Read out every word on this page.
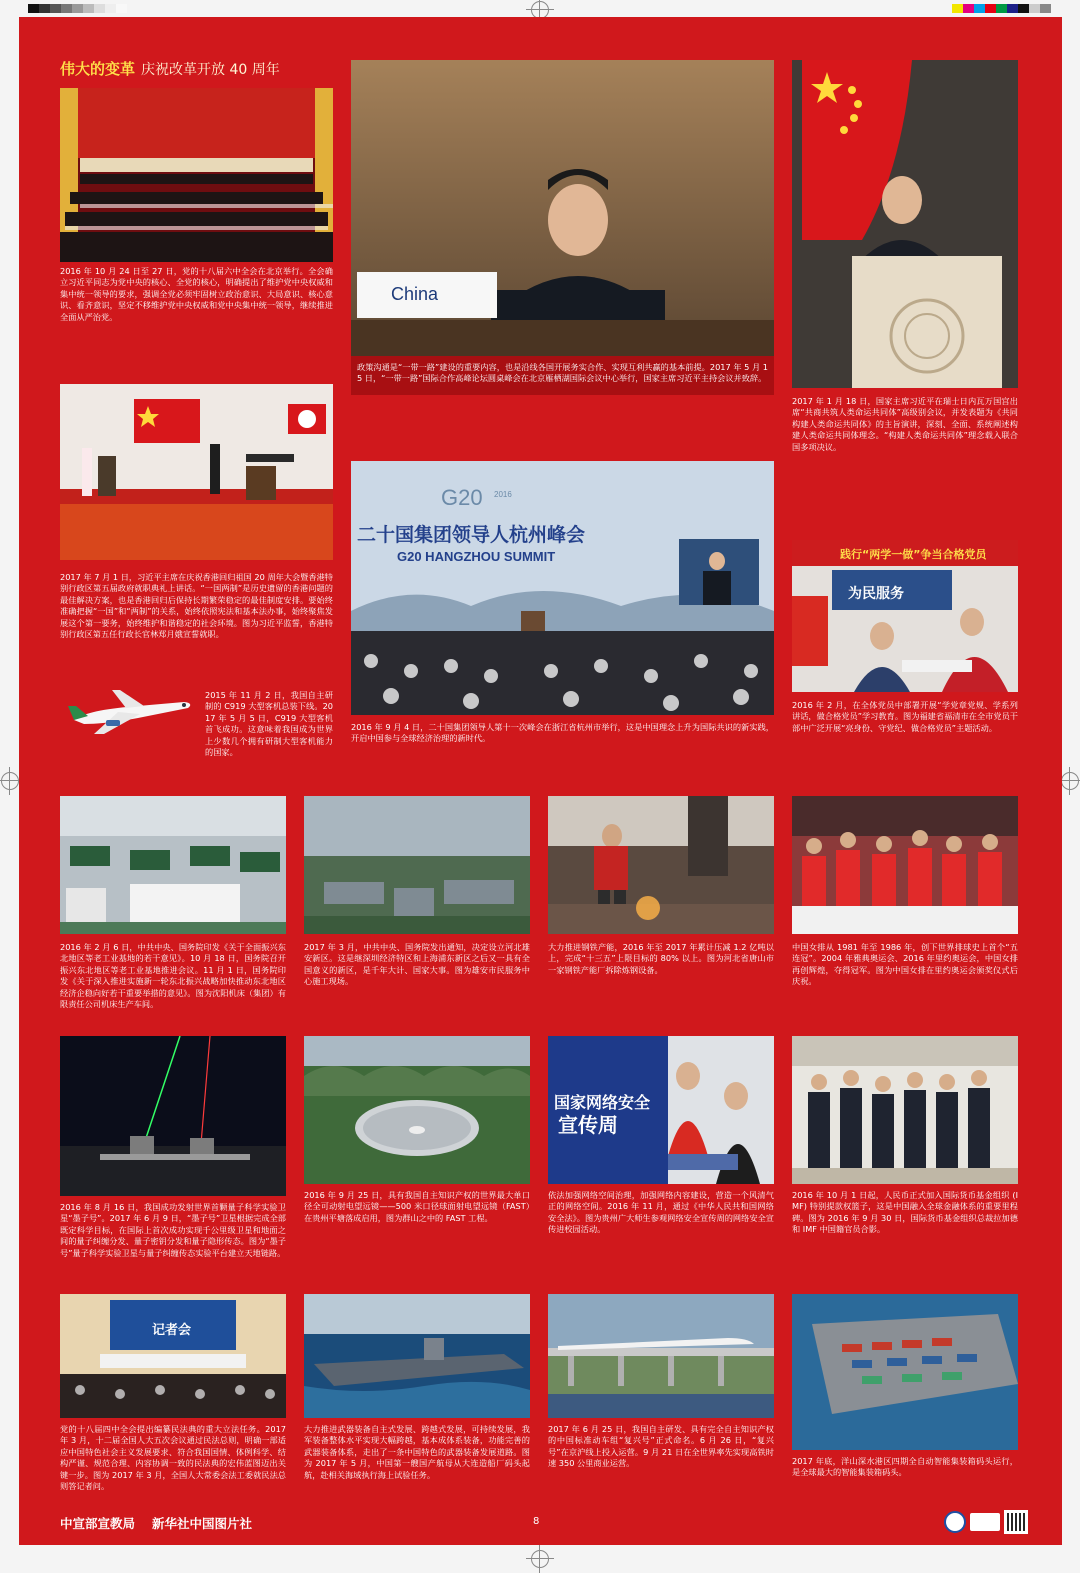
伟大的变革 庆祝改革开放 40 周年

2016 年 10 月 24 日至 27 日，党的十八届六中全会在北京举行。全会确立习近平同志为党中央的核心、全党的核心，明确提出了维护党中央权威和集中统一领导的要求，强调全党必须牢固树立政治意识、大局意识、核心意识、看齐意识，坚定不移维护党中央权威和党中央集中统一领导，继续推进全面从严治党。

China

政策沟通是“一带一路”建设的重要内容，也是沿线各国开展务实合作、实现互利共赢的基本前提。2017 年 5 月 15 日，“一带一路”国际合作高峰论坛圆桌峰会在北京雁栖湖国际会议中心举行，国家主席习近平主持会议并致辞。

2017 年 1 月 18 日，国家主席习近平在瑞士日内瓦万国宫出席“共商共筑人类命运共同体”高级别会议，并发表题为《共同构建人类命运共同体》的主旨演讲，深刻、全面、系统阐述构建人类命运共同体理念。“构建人类命运共同体”理念载入联合国多项决议。

2017 年 7 月 1 日，习近平主席在庆祝香港回归祖国 20 周年大会暨香港特别行政区第五届政府就职典礼上讲话。“一国两制”是历史遗留的香港问题的最佳解决方案，也是香港回归后保持长期繁荣稳定的最佳制度安排。要始终准确把握“一国”和“两制”的关系，始终依照宪法和基本法办事，始终聚焦发展这个第一要务，始终维护和谐稳定的社会环境。图为习近平监誓，香港特别行政区第五任行政长官林郑月娥宣誓就职。

G20 2016
二十国集团领导人杭州峰会
G20 HANGZHOU SUMMIT

2016 年 9 月 4 日，二十国集团领导人第十一次峰会在浙江省杭州市举行，这是中国理念上升为国际共识的新实践，开启中国参与全球经济治理的新时代。

践行“两学一做”争当合格党员
为民服务

2016 年 2 月，在全体党员中部署开展“学党章党规、学系列讲话，做合格党员”学习教育。图为福建省福清市在全市党员干部中广泛开展“亮身份、守党纪、做合格党员”主题活动。

2015 年 11 月 2 日，我国自主研制的 C919 大型客机总装下线。2017 年 5 月 5 日，C919 大型客机首飞成功。这意味着我国成为世界上少数几个拥有研制大型客机能力的国家。

2016 年 2 月 6 日，中共中央、国务院印发《关于全面振兴东北地区等老工业基地的若干意见》。10 月 18 日，国务院召开振兴东北地区等老工业基地推进会议。11 月 1 日，国务院印发《关于深入推进实施新一轮东北振兴战略加快推动东北地区经济企稳向好若干重要举措的意见》。图为沈阳机床（集团）有限责任公司机床生产车间。

2017 年 3 月，中共中央、国务院发出通知，决定设立河北雄安新区。这是继深圳经济特区和上海浦东新区之后又一具有全国意义的新区，是千年大计、国家大事。图为雄安市民服务中心施工现场。

大力推进钢铁产能，2016 年至 2017 年累计压减 1.2 亿吨以上，完成“十三五”上限目标的 80% 以上。图为河北省唐山市一家钢铁产能厂拆除炼钢设备。

中国女排从 1981 年至 1986 年，创下世界排球史上首个“五连冠”。2004 年雅典奥运会、2016 年里约奥运会，中国女排再创辉煌，夺得冠军。图为中国女排在里约奥运会颁奖仪式后庆祝。

2016 年 8 月 16 日，我国成功发射世界首颗量子科学实验卫星“墨子号”。2017 年 6 月 9 日，“墨子号”卫星根据完成全部既定科学目标，在国际上首次成功实现千公里级卫星和地面之间的量子纠缠分发、量子密钥分发和量子隐形传态。图为“墨子号”量子科学实验卫星与量子纠缠传态实验平台建立天地链路。

2016 年 9 月 25 日，具有我国自主知识产权的世界最大单口径全可动射电望远镜——500 米口径球面射电望远镜（FAST）在贵州平塘落成启用，图为群山之中的 FAST 工程。

国家网络安全
宣传周

依法加强网络空间治理，加强网络内容建设，营造一个风清气正的网络空间。2016 年 11 月，通过《中华人民共和国网络安全法》。图为贵州广大师生参观网络安全宣传周的网络安全宣传进校园活动。

2016 年 10 月 1 日起，人民币正式加入国际货币基金组织 (IMF) 特别提款权篮子，这是中国融入全球金融体系的重要里程碑。图为 2016 年 9 月 30 日，国际货币基金组织总裁拉加德和 IMF 中国籍官员合影。

记者会

党的十八届四中全会提出编纂民法典的重大立法任务。2017 年 3 月，十二届全国人大五次会议通过民法总则，明确一部适应中国特色社会主义发展要求、符合我国国情、体例科学、结构严谨、规范合理、内容协调一致的民法典的宏伟蓝图迈出关键一步。图为 2017 年 3 月，全国人大常委会法工委就民法总则答记者问。

大力推进武器装备自主式发展、跨越式发展，可持续发展，我军装备整体水平实现大幅跨越，基本成体系装备，功能完善的武器装备体系，走出了一条中国特色的武器装备发展道路。图为 2017 年 5 月，中国第一艘国产航母从大连造船厂码头起航，赴相关海域执行海上试验任务。

2017 年 6 月 25 日，我国自主研发、具有完全自主知识产权的中国标准动车组“复兴号”正式命名。6 月 26 日，“复兴号”在京沪线上投入运营。9 月 21 日在全世界率先实现高铁时速 350 公里商业运营。	2017 年底，洋山深水港区四期全自动智能集装箱码头运行，是全球最大的智能集装箱码头。

中宣部宣教局 新华社中国图片社	8
